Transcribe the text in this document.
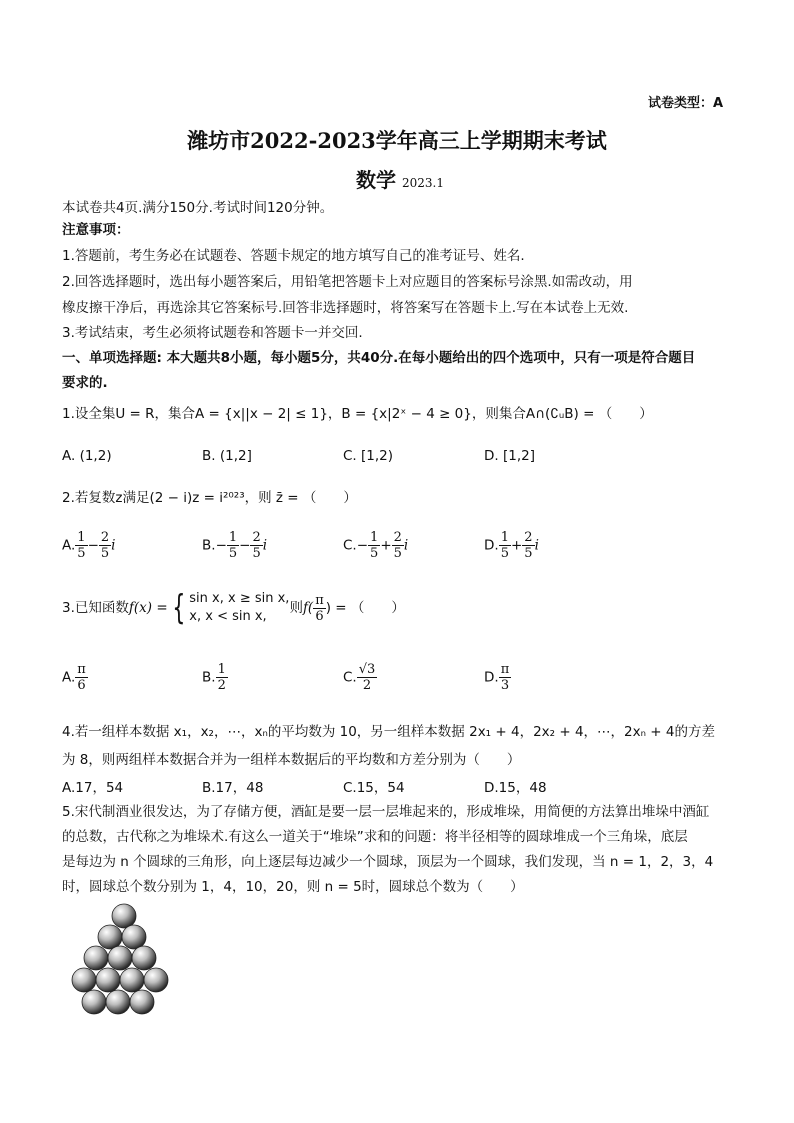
试卷类型：A
潍坊市2022-2023学年高三上学期期末考试
数学 2023.1
本试卷共4页.满分150分.考试时间120分钟。
注意事项：
1.答题前，考生务必在试题卷、答题卡规定的地方填写自己的准考证号、姓名.
2.回答选择题时，选出每小题答案后，用铅笔把答题卡上对应题目的答案标号涂黑.如需改动，用
橡皮擦干净后，再选涂其它答案标号.回答非选择题时，将答案写在答题卡上.写在本试卷上无效.
3.考试结束，考生必须将试题卷和答题卡一并交回.
一、单项选择题: 本大题共8小题，每小题5分，共40分.在每小题给出的四个选项中，只有一项是符合题目
要求的.
1.设全集U = R，集合A = {x||x − 2| ≤ 1}，B = {x|2ˣ − 4 ≥ 0}，则集合A∩(∁ᵤB) = （　　）
A. (1,2)	B. (1,2]	C. [1,2)	D. [1,2]
2.若复数z满足(2 − i)z = i²⁰²³，则 z̄ = （　　）
A. $\frac{1}{5} - \frac{2}{5}$ i	$B.- \frac{1}{5} - \frac{2}{5}$ i	$C.- \frac{1}{5} + \frac{2}{5}$ i	D. $\frac{1}{5} + \frac{2}{5}$ i
3.已知函数f(x) = { sin x, x ≥ sin x,
x, x < sin x,
则$f( \frac{\pi}{6}$ ) = （　　）
A. $\frac{\pi}{6}$	B. $\frac{1}{2}$	C. $\frac{√3}{2}$	D. $\frac{\pi}{3}$
4.若一组样本数据 x₁，x₂，⋯，xₙ的平均数为 10，另一组样本数据 2x₁ + 4，2x₂ + 4，⋯，2xₙ + 4的方差
为 8，则两组样本数据合并为一组样本数据后的平均数和方差分别为（　　）
A.17，54	B.17，48	C.15，54	D.15，48
5.宋代制酒业很发达，为了存储方便，酒缸是要一层一层堆起来的，形成堆垛，用简便的方法算出堆垛中酒缸
的总数，古代称之为堆垛术.有这么一道关于“堆垛”求和的问题：将半径相等的圆球堆成一个三角垛，底层
是每边为 n 个圆球的三角形，向上逐层每边减少一个圆球，顶层为一个圆球，我们发现，当 n = 1，2，3，4
时，圆球总个数分别为 1，4，10，20，则 n = 5时，圆球总个数为（　　）
